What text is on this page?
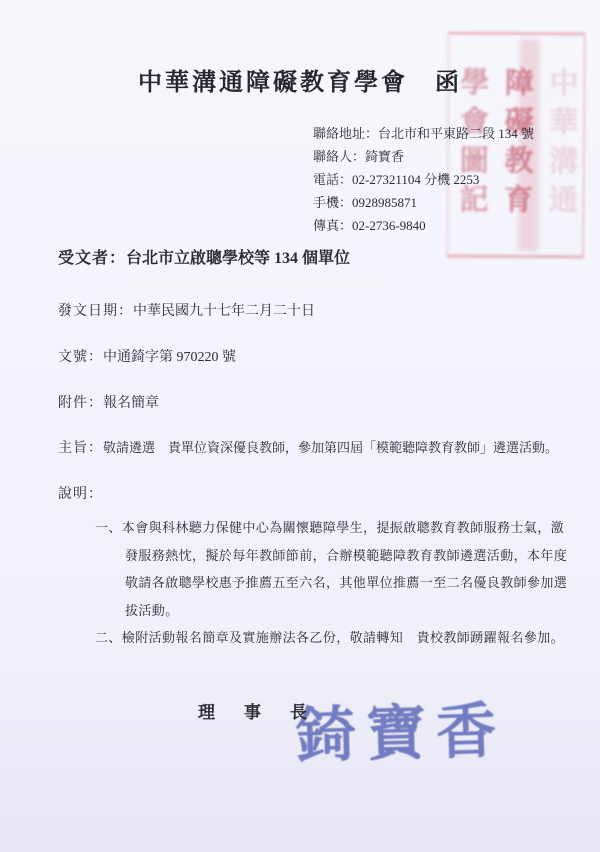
中華溝通
障礙教育
學會圖記
中華溝通障礙教育學會　函
聯絡地址：台北市和平東路二段 134 號
聯絡人：錡寶香
電話：02-27321104 分機 2253
手機：0928985871
傳真：02-2736-9840
受文者：台北市立啟聰學校等 134 個單位
發文日期：中華民國九十七年二月二十日
文號：中通錡字第 970220 號
附件：報名簡章
主旨：敬請遴選　貴單位資深優良教師，參加第四屆「模範聽障教育教師」遴選活動。
說明：
一、本會與科林聽力保健中心為關懷聽障學生，提振啟聰教育教師服務士氣，激
發服務熱忱，擬於每年教師節前，合辦模範聽障教育教師遴選活動，本年度
敬請各啟聰學校惠予推薦五至六名，其他單位推薦一至二名優良教師參加選
拔活動。
二、檢附活動報名簡章及實施辦法各乙份，敬請轉知　貴校教師踴躍報名參加。
理　事　長
錡寶香
